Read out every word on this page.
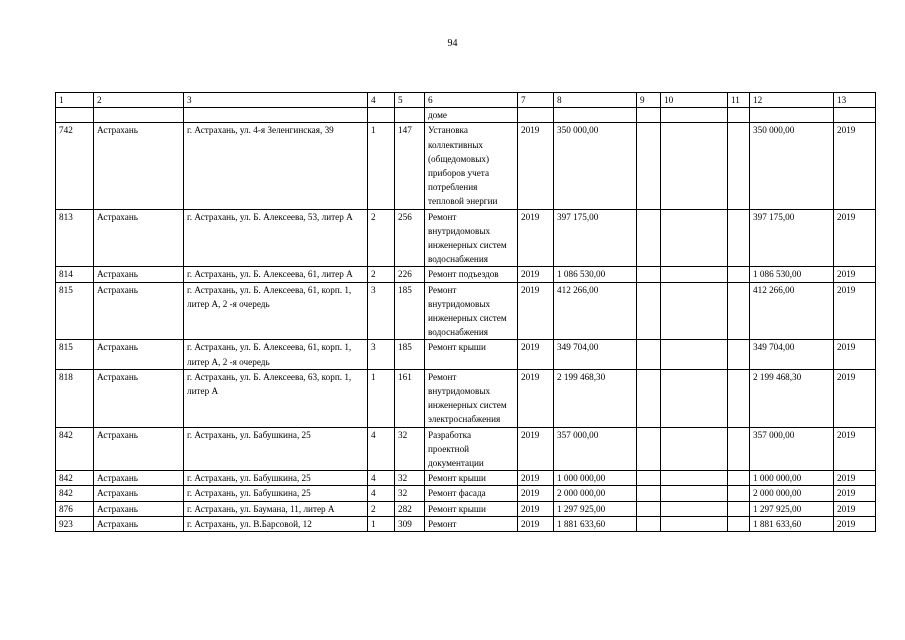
94
1	2	3	4	5	6	7	8	9	10	11	12	13
					доме							
742	Астрахань	г. Астрахань, ул. 4-я Зеленгинская, 39	1	147	Установка коллективных (общедомовых) приборов учета потребления тепловой энергии	2019	350 000,00				350 000,00	2019
813	Астрахань	г. Астрахань, ул. Б. Алексеева, 53, литер А	2	256	Ремонт внутридомовых инженерных систем водоснабжения	2019	397 175,00				397 175,00	2019
814	Астрахань	г. Астрахань, ул. Б. Алексеева, 61, литер А	2	226	Ремонт подъездов	2019	1 086 530,00				1 086 530,00	2019
815	Астрахань	г. Астрахань, ул. Б. Алексеева, 61, корп. 1, литер А, 2 -я очередь	3	185	Ремонт внутридомовых инженерных систем водоснабжения	2019	412 266,00				412 266,00	2019
815	Астрахань	г. Астрахань, ул. Б. Алексеева, 61, корп. 1, литер А, 2 -я очередь	3	185	Ремонт крыши	2019	349 704,00				349 704,00	2019
818	Астрахань	г. Астрахань, ул. Б. Алексеева, 63, корп. 1, литер А	1	161	Ремонт внутридомовых инженерных систем электроснабжения	2019	2 199 468,30				2 199 468,30	2019
842	Астрахань	г. Астрахань, ул. Бабушкина, 25	4	32	Разработка проектной документации	2019	357 000,00				357 000,00	2019
842	Астрахань	г. Астрахань, ул. Бабушкина, 25	4	32	Ремонт крыши	2019	1 000 000,00				1 000 000,00	2019
842	Астрахань	г. Астрахань, ул. Бабушкина, 25	4	32	Ремонт фасада	2019	2 000 000,00				2 000 000,00	2019
876	Астрахань	г. Астрахань, ул. Баумана, 11, литер А	2	282	Ремонт крыши	2019	1 297 925,00				1 297 925,00	2019
923	Астрахань	г. Астрахань, ул. В.Барсовой, 12	1	309	Ремонт	2019	1 881 633,60				1 881 633,60	2019
